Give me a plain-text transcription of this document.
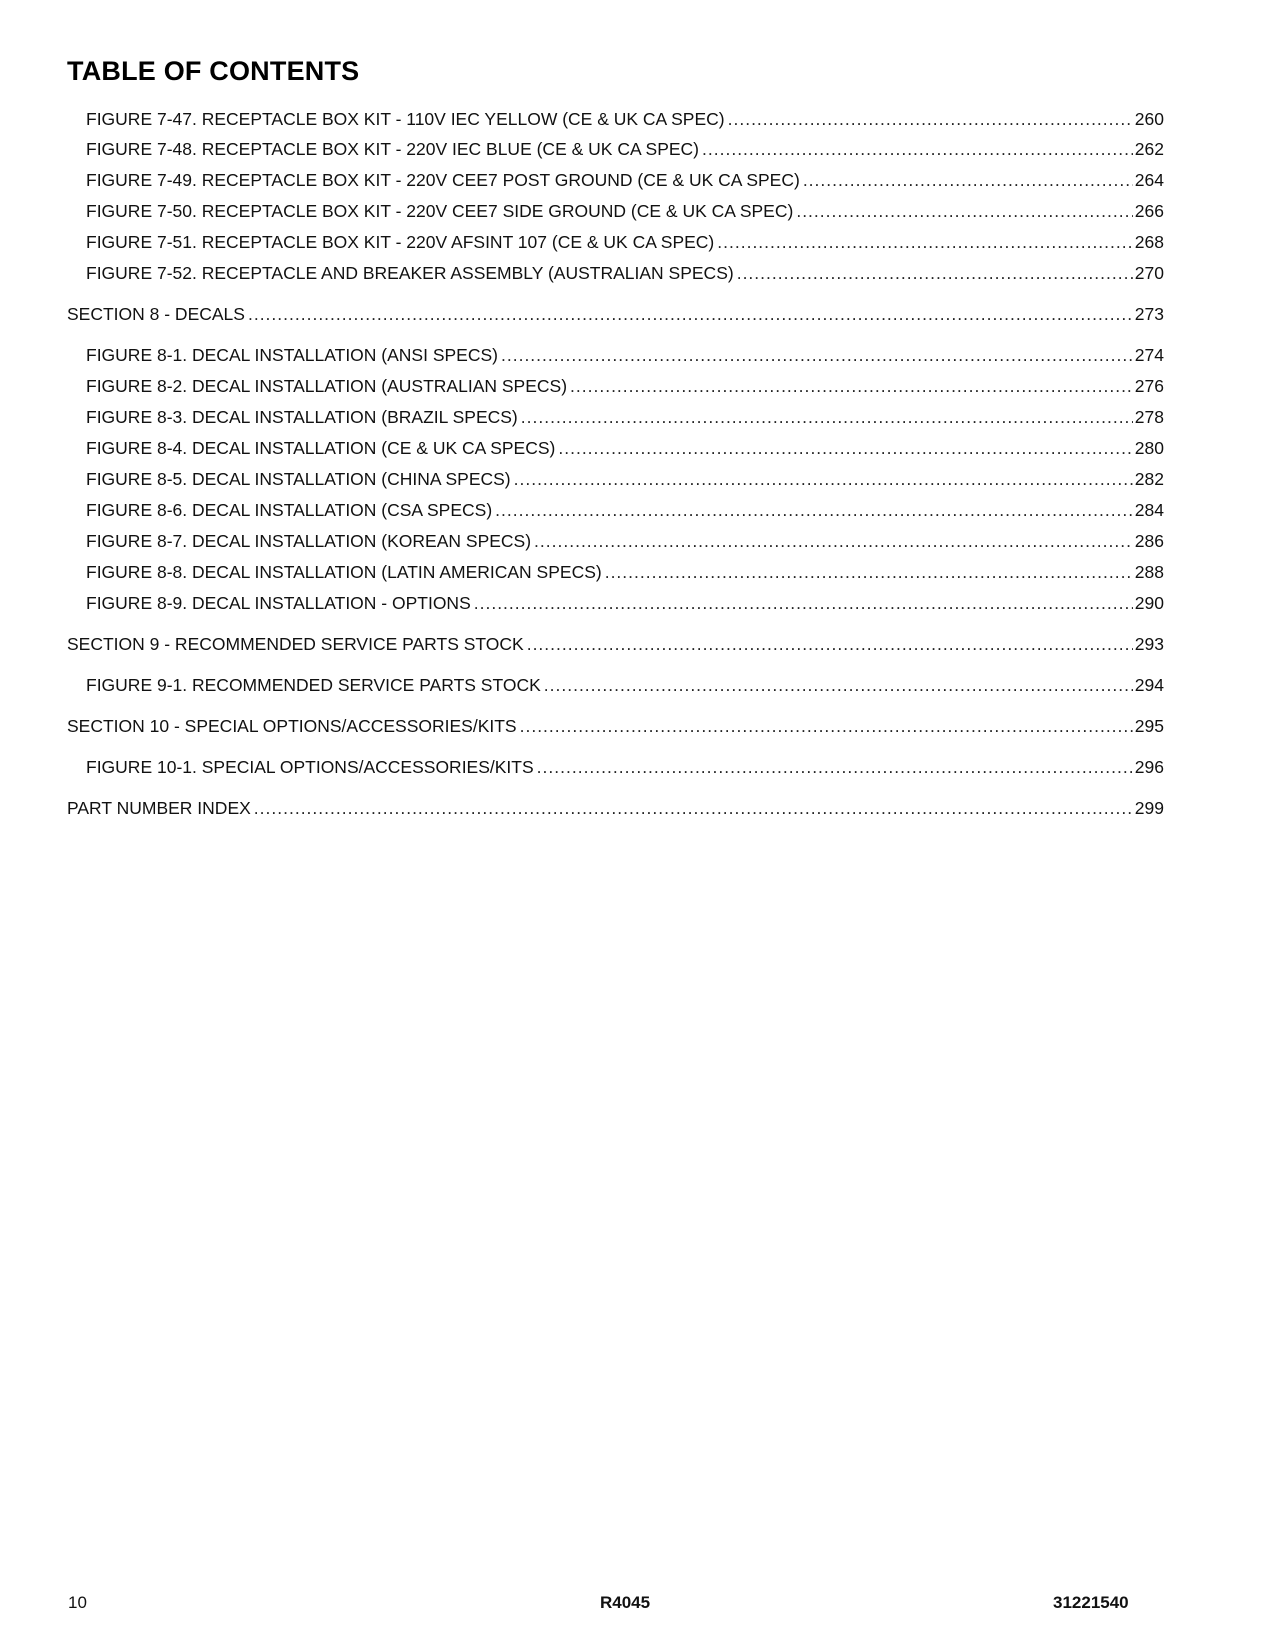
TABLE OF CONTENTS
FIGURE 7-47. RECEPTACLE BOX KIT - 110V IEC YELLOW (CE & UK CA SPEC) .....	260
FIGURE 7-48. RECEPTACLE BOX KIT - 220V IEC BLUE (CE & UK CA SPEC) .....	262
FIGURE 7-49. RECEPTACLE BOX KIT - 220V CEE7 POST GROUND (CE & UK CA SPEC) .....	264
FIGURE 7-50. RECEPTACLE BOX KIT - 220V CEE7 SIDE GROUND (CE & UK CA SPEC) .....	266
FIGURE 7-51. RECEPTACLE BOX KIT - 220V AFSINT 107 (CE & UK CA SPEC) .....	268
FIGURE 7-52. RECEPTACLE AND BREAKER ASSEMBLY (AUSTRALIAN SPECS) .....	270
SECTION 8 - DECALS .....	273
FIGURE 8-1. DECAL INSTALLATION (ANSI SPECS) .....	274
FIGURE 8-2. DECAL INSTALLATION (AUSTRALIAN SPECS) .....	276
FIGURE 8-3. DECAL INSTALLATION (BRAZIL SPECS) .....	278
FIGURE 8-4. DECAL INSTALLATION (CE & UK CA SPECS) .....	280
FIGURE 8-5. DECAL INSTALLATION (CHINA SPECS) .....	282
FIGURE 8-6. DECAL INSTALLATION (CSA SPECS) .....	284
FIGURE 8-7. DECAL INSTALLATION (KOREAN SPECS) .....	286
FIGURE 8-8. DECAL INSTALLATION (LATIN AMERICAN SPECS) .....	288
FIGURE 8-9. DECAL INSTALLATION - OPTIONS .....	290
SECTION 9 - RECOMMENDED SERVICE PARTS STOCK .....	293
FIGURE 9-1. RECOMMENDED SERVICE PARTS STOCK .....	294
SECTION 10 - SPECIAL OPTIONS/ACCESSORIES/KITS .....	295
FIGURE 10-1. SPECIAL OPTIONS/ACCESSORIES/KITS .....	296
PART NUMBER INDEX .....	299
10	R4045	31221540
